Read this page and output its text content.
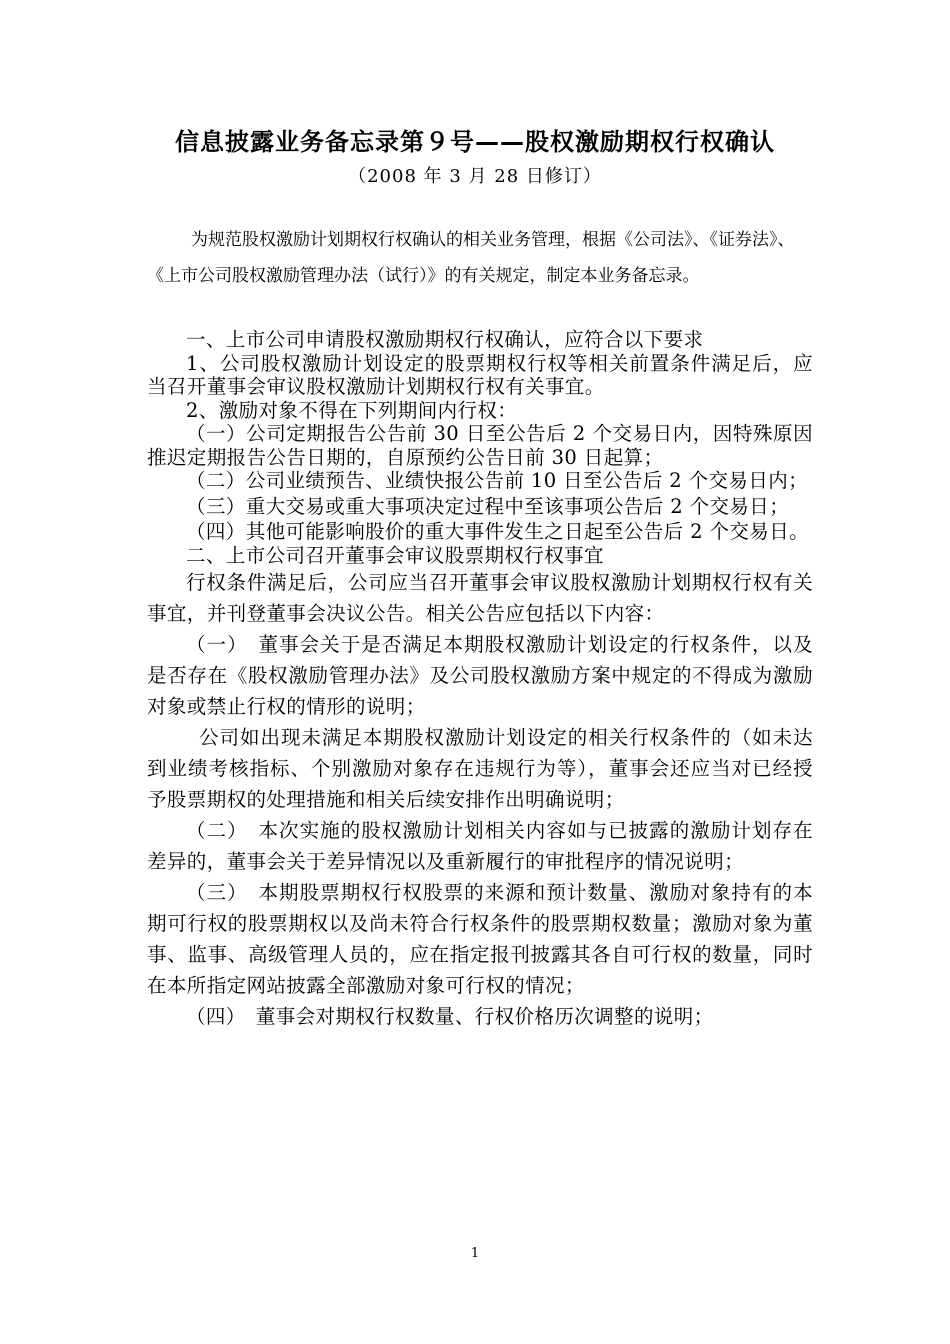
信息披露业务备忘录第９号——股权激励期权行权确认
（2008 年 3 月 28 日修订）
为规范股权激励计划期权行权确认的相关业务管理，根据《公司法》、《证券法》、《上市公司股权激励管理办法（试行）》的有关规定，制定本业务备忘录。

一、上市公司申请股权激励期权行权确认，应符合以下要求

1、公司股权激励计划设定的股票期权行权等相关前置条件满足后，应当召开董事会审议股权激励计划期权行权有关事宜。

2、激励对象不得在下列期间内行权：

（一）公司定期报告公告前 30 日至公告后 2 个交易日内，因特殊原因推迟定期报告公告日期的，自原预约公告日前 30 日起算；

（二）公司业绩预告、业绩快报公告前 10 日至公告后 2 个交易日内；

（三）重大交易或重大事项决定过程中至该事项公告后 2 个交易日；

（四）其他可能影响股价的重大事件发生之日起至公告后 2 个交易日。

二、上市公司召开董事会审议股票期权行权事宜

行权条件满足后，公司应当召开董事会审议股权激励计划期权行权有关事宜，并刊登董事会决议公告。相关公告应包括以下内容：

（一）　董事会关于是否满足本期股权激励计划设定的行权条件，以及是否存在《股权激励管理办法》及公司股权激励方案中规定的不得成为激励对象或禁止行权的情形的说明；

公司如出现未满足本期股权激励计划设定的相关行权条件的（如未达到业绩考核指标、个别激励对象存在违规行为等），董事会还应当对已经授予股票期权的处理措施和相关后续安排作出明确说明；

（二）　本次实施的股权激励计划相关内容如与已披露的激励计划存在差异的，董事会关于差异情况以及重新履行的审批程序的情况说明；

（三）　本期股票期权行权股票的来源和预计数量、激励对象持有的本期可行权的股票期权以及尚未符合行权条件的股票期权数量；激励对象为董事、监事、高级管理人员的，应在指定报刊披露其各自可行权的数量，同时在本所指定网站披露全部激励对象可行权的情况；

（四）　董事会对期权行权数量、行权价格历次调整的说明；

1
